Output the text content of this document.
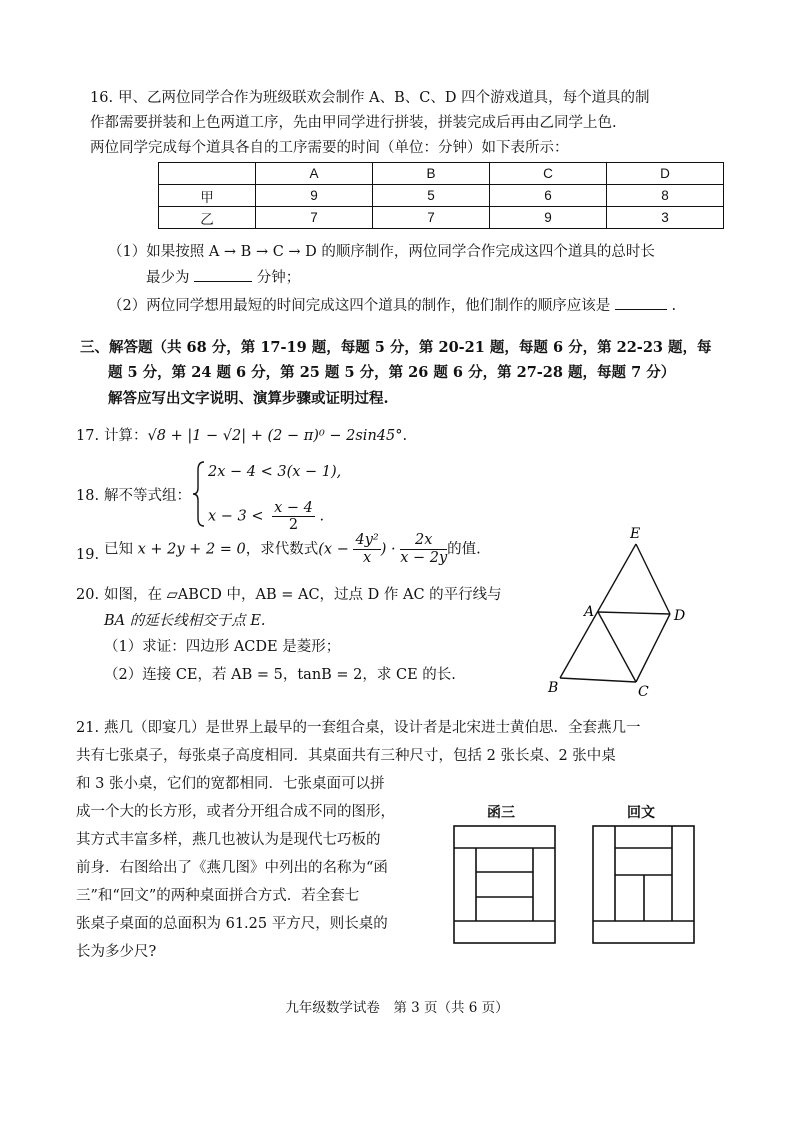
16. 甲、乙两位同学合作为班级联欢会制作 A、B、C、D 四个游戏道具，每个道具的制
作都需要拼装和上色两道工序，先由甲同学进行拼装，拼装完成后再由乙同学上色.
两位同学完成每个道具各自的工序需要的时间（单位：分钟）如下表所示：
	A	B	C	D
甲	9	5	6	8
乙	7	7	9	3
（1）如果按照 A → B → C → D 的顺序制作，两位同学合作完成这四个道具的总时长
最少为	分钟；
（2）两位同学想用最短的时间完成这四个道具的制作，他们制作的顺序应该是	.
三、解答题（共 68 分，第 17-19 题，每题 5 分，第 20-21 题，每题 6 分，第 22-23 题，每
题 5 分，第 24 题 6 分，第 25 题 5 分，第 26 题 6 分，第 27-28 题，每题 7 分）
解答应写出文字说明、演算步骤或证明过程.
17. 计算：√8 + |1 − √2| + (2 − π)⁰ − 2sin45°.
18. 解不等式组：
2x − 4 < 3(x − 1),
$x - 3 < \frac{x - 4}{2}$ .
19. 已知 x + 2y + 2 = 0，求代数式($x - \frac{\text{4y²}}{x}$ ) · $\frac{2x}{x - 2y}$ 的值.
20. 如图，在 ▱ABCD 中，AB = AC，过点 D 作 AC 的平行线与
BA 的延长线相交于点 E.
（1）求证：四边形 ACDE 是菱形；
（2）连接 CE，若 AB = 5，tanB = 2，求 CE 的长.
E
A	D
B	C
21. 燕几（即宴几）是世界上最早的一套组合桌，设计者是北宋进士黄伯思．全套燕几一
共有七张桌子，每张桌子高度相同．其桌面共有三种尺寸，包括 2 张长桌、2 张中桌
和 3 张小桌，它们的宽都相同．七张桌面可以拼
成一个大的长方形，或者分开组合成不同的图形，
其方式丰富多样，燕几也被认为是现代七巧板的
前身．右图给出了《燕几图》中列出的名称为“函
三”和“回文”的两种桌面拼合方式．若全套七
张桌子桌面的总面积为 61.25 平方尺，则长桌的
长为多少尺?
函三	回文
九年级数学试卷　第 3 页（共 6 页）
